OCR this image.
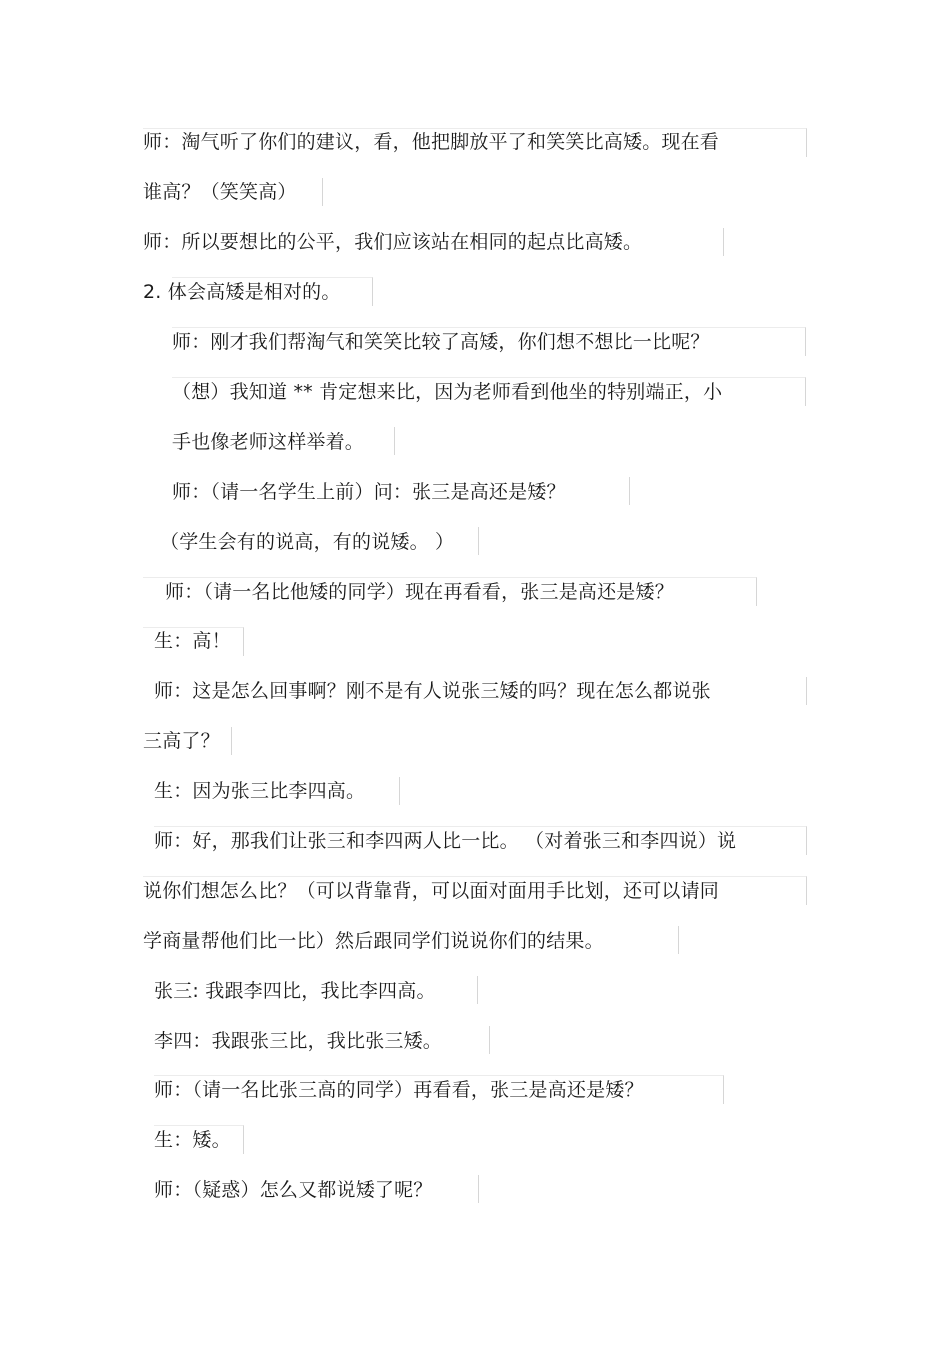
师：淘气听了你们的建议，看，他把脚放平了和笑笑比高矮。现在看
谁高？（笑笑高）
师：所以要想比的公平，我们应该站在相同的起点比高矮。
2. 体会高矮是相对的。
师：刚才我们帮淘气和笑笑比较了高矮，你们想不想比一比呢？
（想）我知道 ** 肯定想来比，因为老师看到他坐的特别端正，小
手也像老师这样举着。
师：（请一名学生上前）问：张三是高还是矮？
（学生会有的说高，有的说矮。 ）
师：（请一名比他矮的同学）现在再看看，张三是高还是矮？
生：高！
师：这是怎么回事啊？刚不是有人说张三矮的吗？现在怎么都说张
三高了？
生：因为张三比李四高。
师：好，那我们让张三和李四两人比一比。 （对着张三和李四说）说
说你们想怎么比？（可以背靠背，可以面对面用手比划，还可以请同
学商量帮他们比一比）然后跟同学们说说你们的结果。
张三: 我跟李四比，我比李四高。
李四：我跟张三比，我比张三矮。
师：（请一名比张三高的同学）再看看，张三是高还是矮？
生：矮。
师：（疑惑）怎么又都说矮了呢？
